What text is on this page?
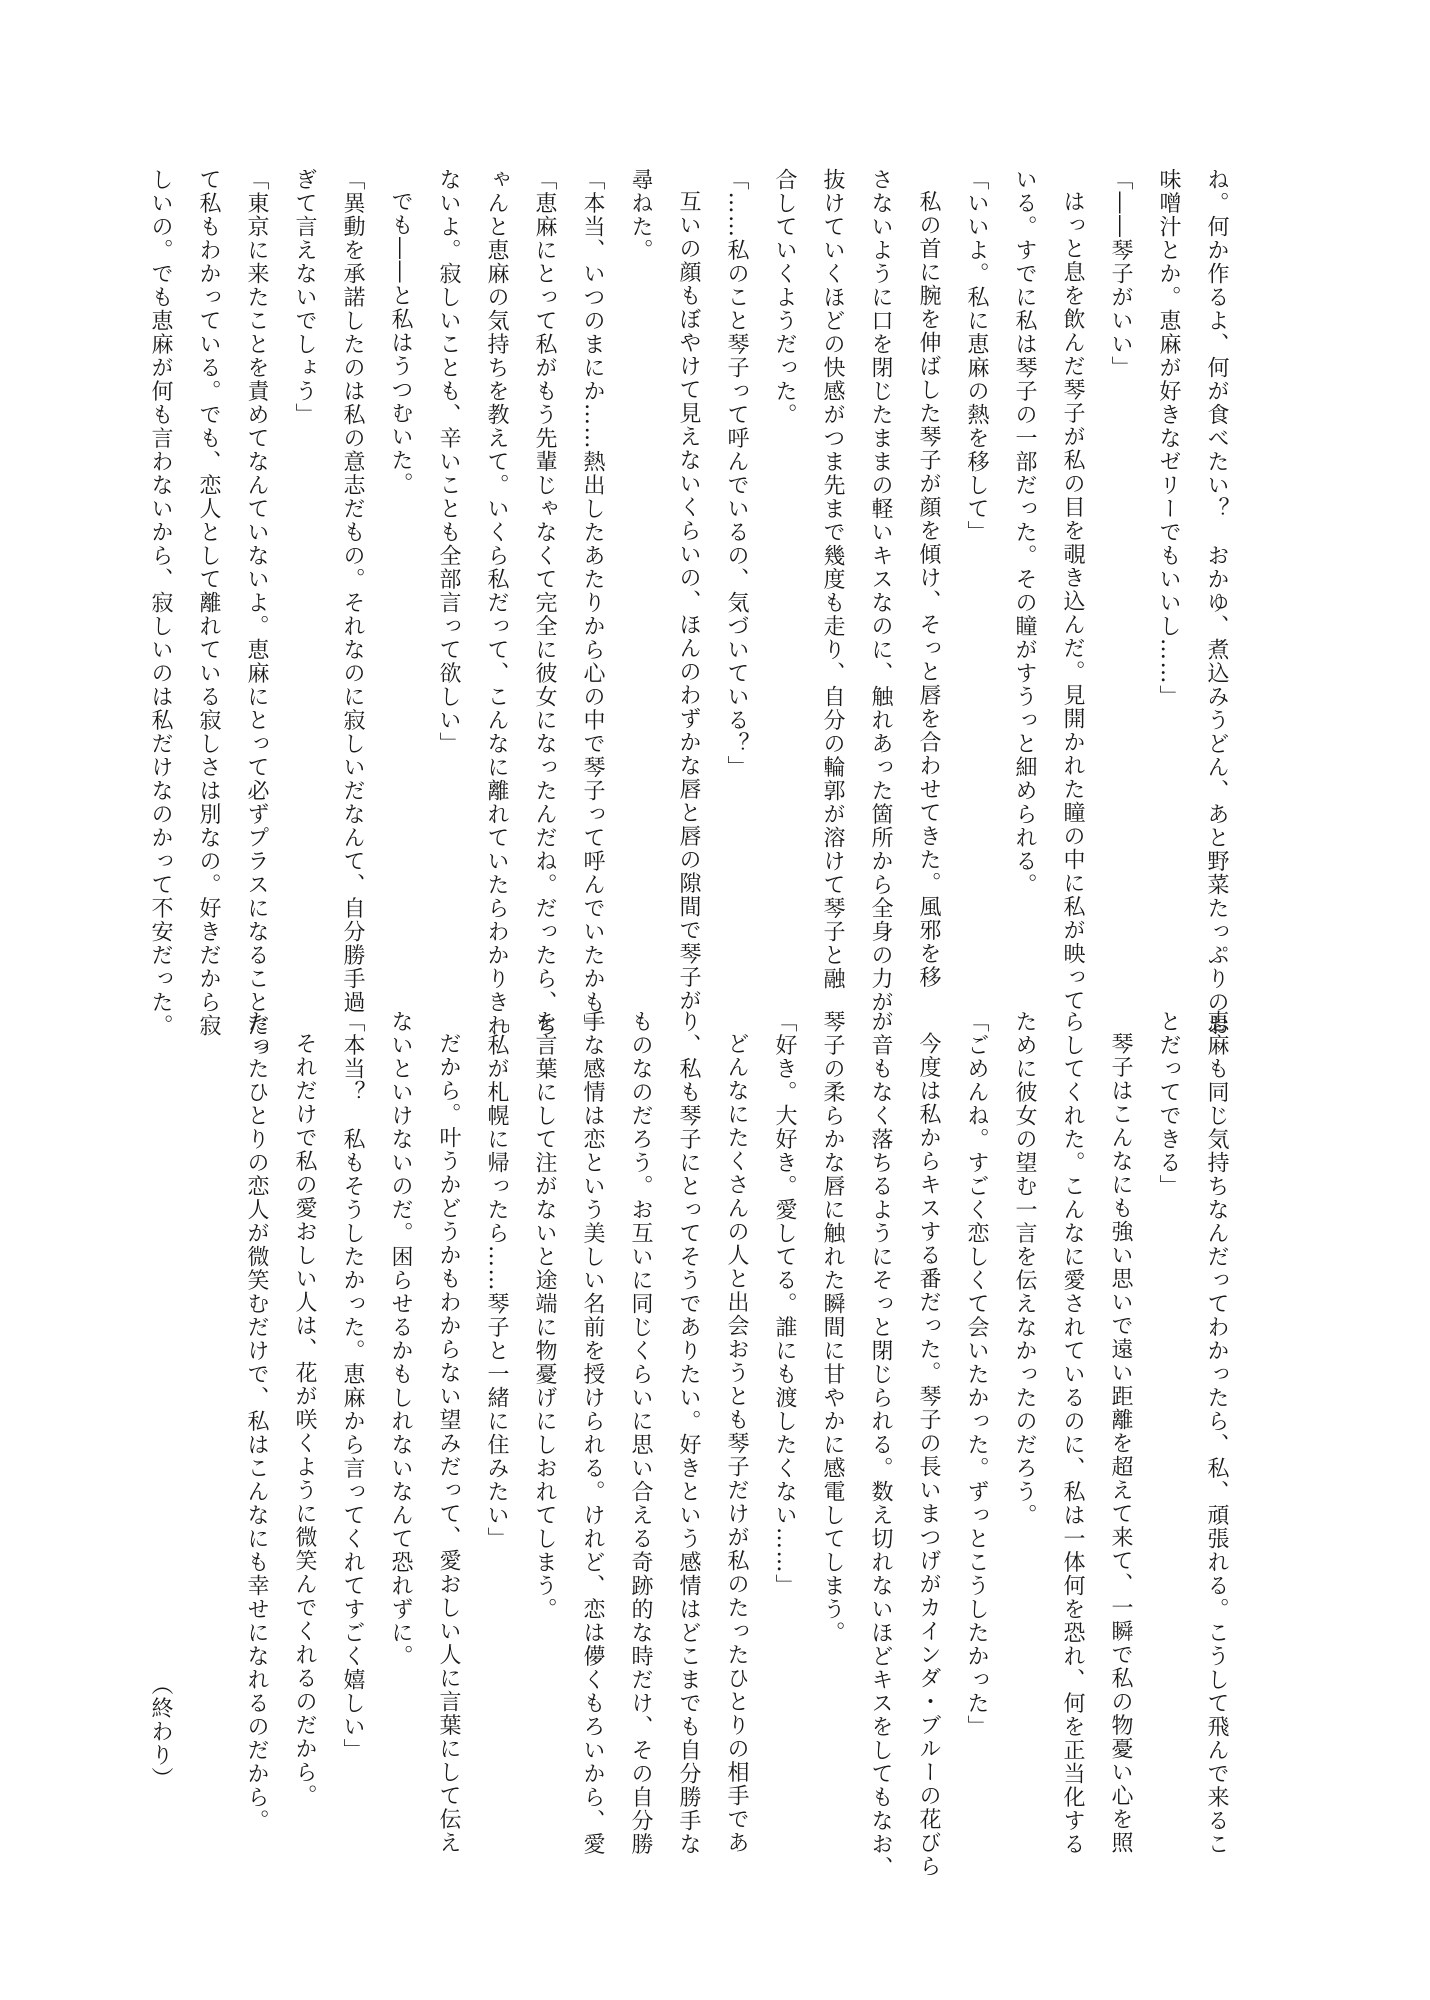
ね。何か作るよ、何が食べたい？　おかゆ、煮込みうどん、あと野菜たっぷりのお
味噌汁とか。恵麻が好きなゼリーでもいいし……」
「――琴子がいい」
はっと息を飲んだ琴子が私の目を覗き込んだ。見開かれた瞳の中に私が映って
いる。すでに私は琴子の一部だった。その瞳がすうっと細められる。
「いいよ。私に恵麻の熱を移して」
私の首に腕を伸ばした琴子が顔を傾け、そっと唇を合わせてきた。風邪を移
さないように口を閉じたままの軽いキスなのに、触れあった箇所から全身の力が
抜けていくほどの快感がつま先まで幾度も走り、自分の輪郭が溶けて琴子と融
合していくようだった。
「……私のこと琴子って呼んでいるの、気づいている？」
互いの顔もぼやけて見えないくらいの、ほんのわずかな唇と唇の隙間で琴子が
尋ねた。
「本当、いつのまにか……熱出したあたりから心の中で琴子って呼んでいたかも」
「恵麻にとって私がもう先輩じゃなくて完全に彼女になったんだね。だったら、ち
ゃんと恵麻の気持ちを教えて。いくら私だって、こんなに離れていたらわかりきれ
ないよ。寂しいことも、辛いことも全部言って欲しい」
でも――と私はうつむいた。
「異動を承諾したのは私の意志だもの。それなのに寂しいだなんて、自分勝手過
ぎて言えないでしょう」
「東京に来たことを責めてなんていないよ。恵麻にとって必ずプラスになることだっ
て私もわかっている。でも、恋人として離れている寂しさは別なの。好きだから寂
しいの。でも恵麻が何も言わないから、寂しいのは私だけなのかって不安だった。
恵麻も同じ気持ちなんだってわかったら、私、頑張れる。こうして飛んで来るこ
とだってできる」
琴子はこんなにも強い思いで遠い距離を超えて来て、一瞬で私の物憂い心を照
らしてくれた。こんなに愛されているのに、私は一体何を恐れ、何を正当化する
ために彼女の望む一言を伝えなかったのだろう。
「ごめんね。すごく恋しくて会いたかった。ずっとこうしたかった」
今度は私からキスする番だった。琴子の長いまつげがカインダ・ブルーの花びら
が音もなく落ちるようにそっと閉じられる。数え切れないほどキスをしてもなお、
琴子の柔らかな唇に触れた瞬間に甘やかに感電してしまう。
「好き。大好き。愛してる。誰にも渡したくない……」
どんなにたくさんの人と出会おうとも琴子だけが私のたったひとりの相手であ
り、私も琴子にとってそうでありたい。好きという感情はどこまでも自分勝手な
ものなのだろう。お互いに同じくらいに思い合える奇跡的な時だけ、その自分勝
手な感情は恋という美しい名前を授けられる。けれど、恋は儚くもろいから、愛
を言葉にして注がないと途端に物憂げにしおれてしまう。
「私が札幌に帰ったら……琴子と一緒に住みたい」
だから。叶うかどうかもわからない望みだって、愛おしい人に言葉にして伝え
ないといけないのだ。困らせるかもしれないなんて恐れずに。
「本当？　私もそうしたかった。恵麻から言ってくれてすごく嬉しい」
それだけで私の愛おしい人は、花が咲くように微笑んでくれるのだから。
たったひとりの恋人が微笑むだけで、私はこんなにも幸せになれるのだから。

（終わり）
